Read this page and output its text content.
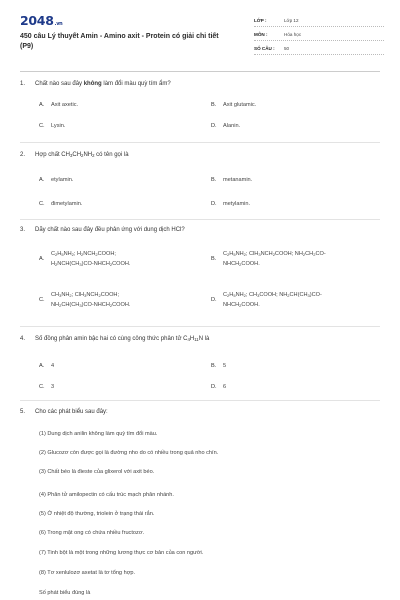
2048.vn
450 câu Lý thuyết Amin - Amino axit - Protein có giải chi tiết (P9)
LỚP :	Lớp 12
MÔN :	Hóa học
SỐ CÂU :	50
1. Chất nào sau đây không làm đổi màu quỳ tím ẩm?
A. Axit axetic.	B. Axit glutamic.
C. Lysin.	D. Alanin.
2. Hợp chất $CH_3CH_2NH_2$ có tên gọi là
A. etylamin.	B. metanamin.
C. đimetylamin.	D. metylamin.
3. Dãy chất nào sau đây đều phản ứng với dung dịch HCl?
A.
$C_2H_5NH_2$; $H_2NCH_2COOH$;
$H_2NCH(CH_3)CO-NHCH_2COOH$.
B.
$C_2H_5NH_2$; $ClH_3NCH_2COOH$; $NH_2CH_2CO-$
$NHCH_2COOH$.
C.
$CH_3NH_2$; $ClH_3NCH_2COOH$;
$NH_2CH(CH_3)CO-NHCH_2COOH$.
D.
$C_2H_5NH_2$; $CH_3COOH$; $NH_2CH(CH_3)CO-$
$NHCH_2COOH$.
4. Số đồng phân amin bậc hai có cùng công thức phân tử $C_4H_{11}N$ là
A. 4	B. 5
C. 3	D. 6
5. Cho các phát biểu sau đây:
(1) Dung dịch anilin không làm quỳ tím đổi màu.
(2) Glucozơ còn được gọi là đường nho do có nhiều trong quả nho chín.
(3) Chất béo là đieste của glixerol với axit béo.
(4) Phân tử amilopectin có cấu trúc mạch phân nhánh.
(5) Ở nhiệt độ thường, triolein ở trạng thái rắn.
(6) Trong mật ong có chứa nhiều fructozơ.
(7) Tinh bột là một trong những lương thực cơ bản của con người.
(8) Tơ xenlulozơ axetat là tơ tổng hợp.
Số phát biểu đúng là
